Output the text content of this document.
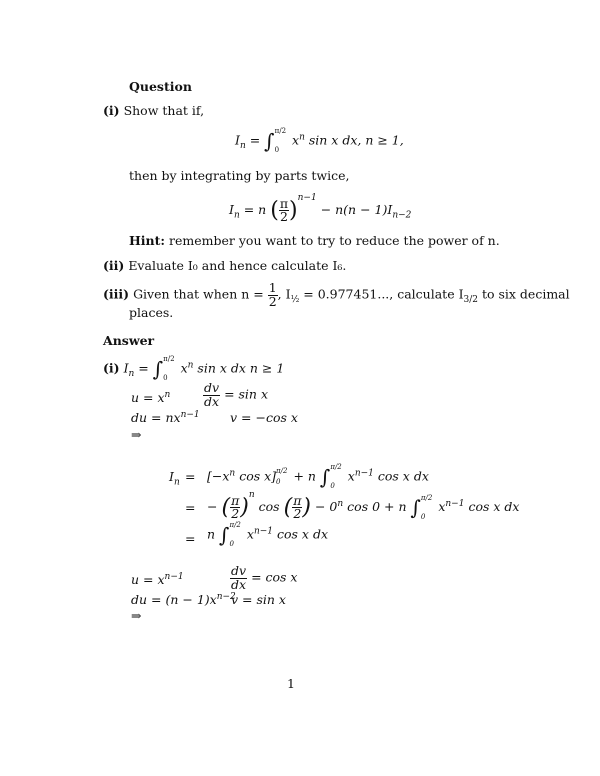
Question
(i) Show that if,
$I_n$ = ∫ π/2
0
$x^n$ sin x dx, n ≥ 1,
then by integrating by parts twice,
$I_n = n$ ( $\frac{\pi}{2} )^{n-1} - n(n - 1)I_{n-2}$
Hint: remember you want to try to reduce the power of n.
(ii) Evaluate I₀ and hence calculate I₆.
(iii) Given that when $n = \frac{1}{2}$ , $I_{\frac{1}{2}} = 0.977451$..., calculate $I_{3/2}$ to six decimal
places.
Answer
(i) $I_n$ = ∫ π/2
0
$x^n$ sin x dx n ≥ 1
$u = x^n$	$\frac{dv}{dx} = \sin x$
du = $nx^{n-1}$ v = −cos x
⇒
$I_n = [-x^n$ cos x] π/2
0	+ n ∫ π/2
0
$x^{n-1}$ cos x dx
= − ( $\frac{\pi}{2} )^n$ cos ( $\frac{\pi}{2}$ ) − $0^n$ cos 0 + n ∫ π/2
0
$x^{n-1}$ cos x dx
= n ∫ π/2
0
$x^{n-1}$ cos x dx
$u = x^{n-1}$	$\frac{dv}{dx} = \cos x$
du = $(n - 1)x^{n-2}$
v = sin x
⇒
1
